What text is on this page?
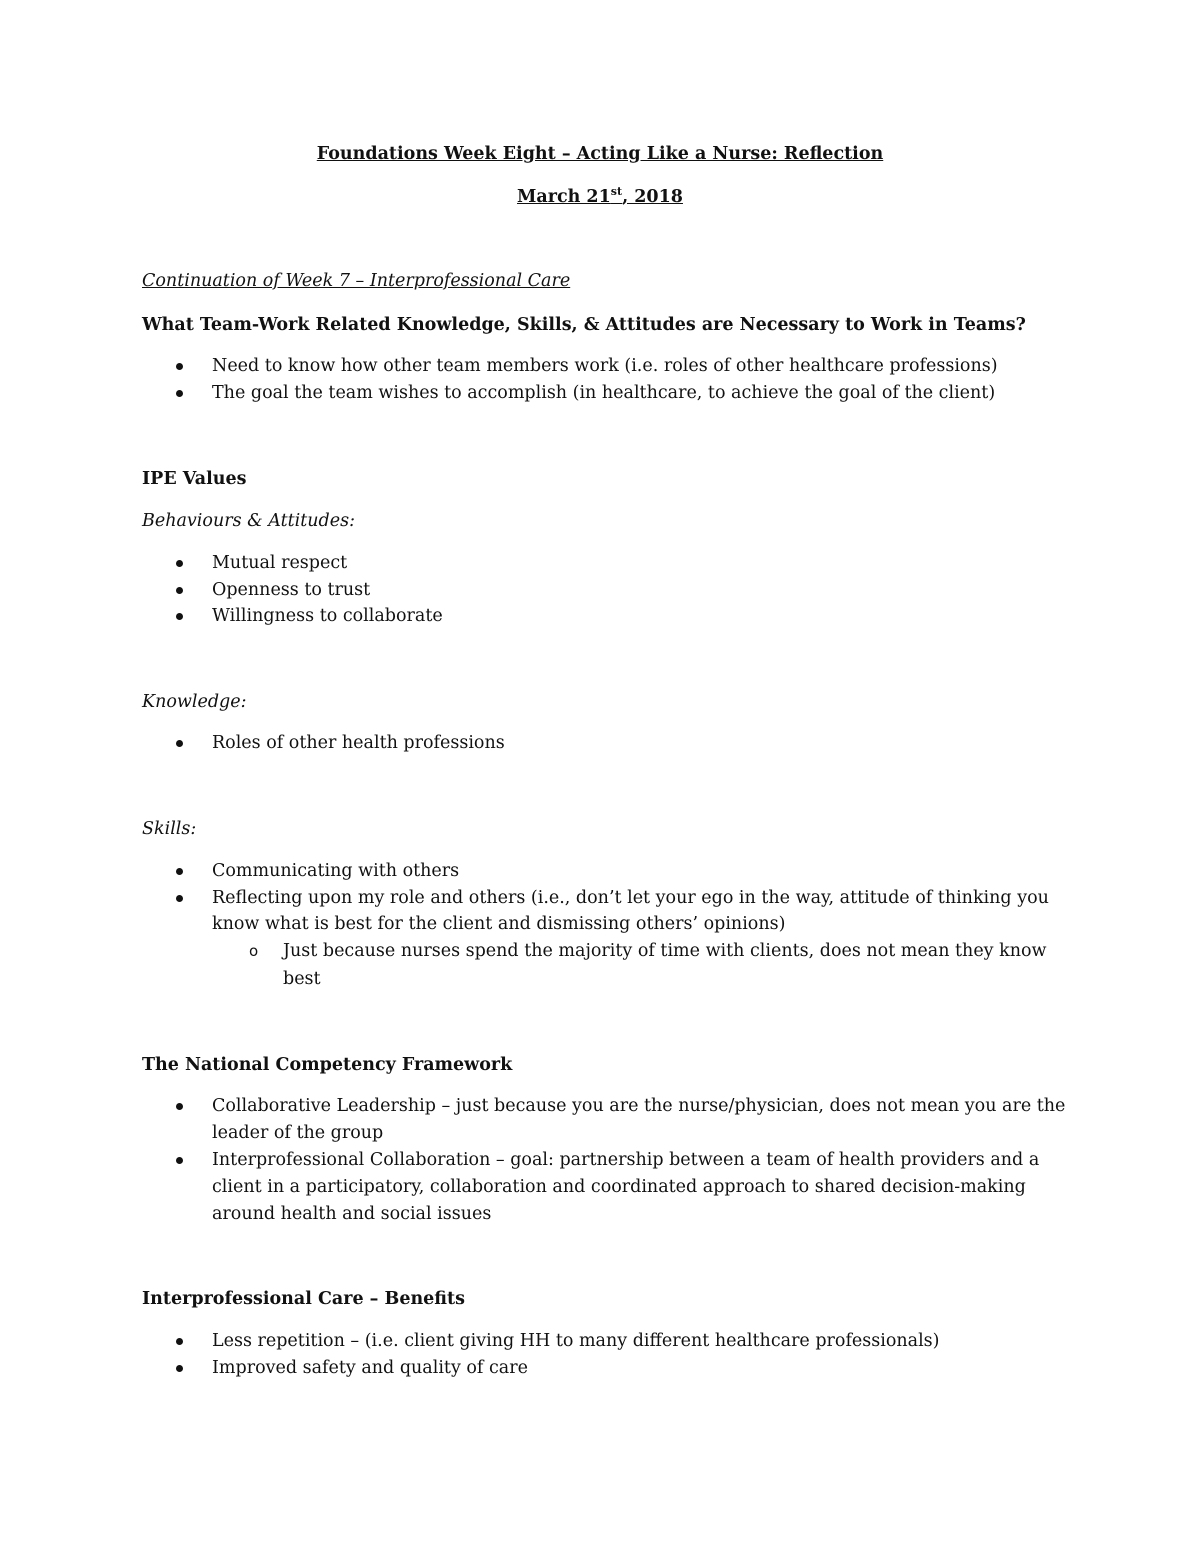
Foundations Week Eight – Acting Like a Nurse: Reflection
March 21st, 2018
Continuation of Week 7 – Interprofessional Care
What Team-Work Related Knowledge, Skills, & Attitudes are Necessary to Work in Teams?
Need to know how other team members work (i.e. roles of other healthcare professions)
The goal the team wishes to accomplish (in healthcare, to achieve the goal of the client)
IPE Values
Behaviours & Attitudes:
Mutual respect
Openness to trust
Willingness to collaborate
Knowledge:
Roles of other health professions
Skills:
Communicating with others
Reflecting upon my role and others (i.e., don’t let your ego in the way, attitude of thinking you
know what is best for the client and dismissing others’ opinions)
o Just because nurses spend the majority of time with clients, does not mean they know
best
The National Competency Framework
Collaborative Leadership – just because you are the nurse/physician, does not mean you are the
leader of the group
Interprofessional Collaboration – goal: partnership between a team of health providers and a
client in a participatory, collaboration and coordinated approach to shared decision-making
around health and social issues
Interprofessional Care – Benefits
Less repetition – (i.e. client giving HH to many different healthcare professionals)
Improved safety and quality of care
